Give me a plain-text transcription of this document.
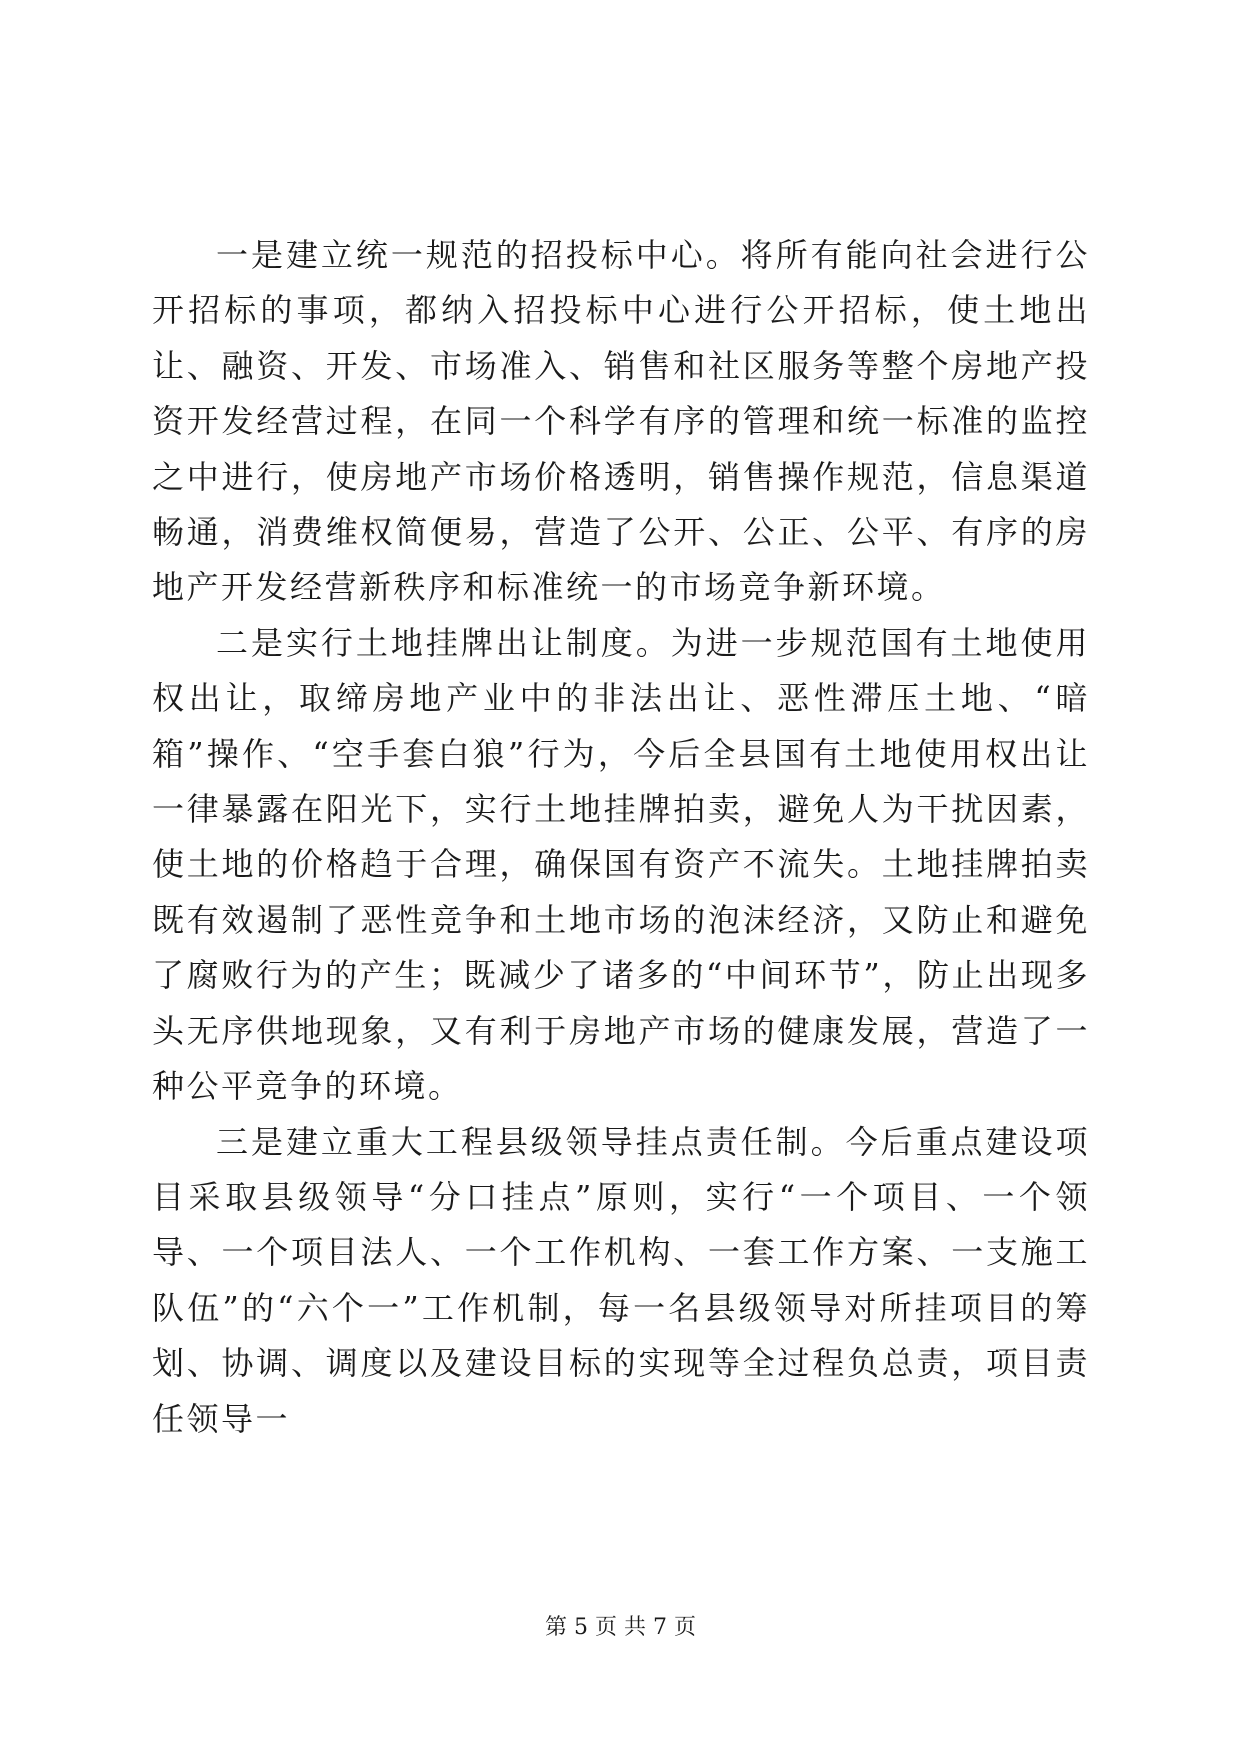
一是建立统一规范的招投标中心。将所有能向社会进行公开招标的事项，都纳入招投标中心进行公开招标，使土地出让、融资、开发、市场准入、销售和社区服务等整个房地产投资开发经营过程，在同一个科学有序的管理和统一标准的监控之中进行，使房地产市场价格透明，销售操作规范，信息渠道畅通，消费维权简便易，营造了公开、公正、公平、有序的房地产开发经营新秩序和标准统一的市场竞争新环境。

二是实行土地挂牌出让制度。为进一步规范国有土地使用权出让，取缔房地产业中的非法出让、恶性滞压土地、“暗箱”操作、“空手套白狼”行为，今后全县国有土地使用权出让一律暴露在阳光下，实行土地挂牌拍卖，避免人为干扰因素，使土地的价格趋于合理，确保国有资产不流失。土地挂牌拍卖既有效遏制了恶性竞争和土地市场的泡沫经济，又防止和避免了腐败行为的产生；既减少了诸多的“中间环节”，防止出现多头无序供地现象，又有利于房地产市场的健康发展，营造了一种公平竞争的环境。

三是建立重大工程县级领导挂点责任制。今后重点建设项目采取县级领导“分口挂点”原则，实行“一个项目、一个领导、一个项目法人、一个工作机构、一套工作方案、一支施工队伍”的“六个一”工作机制，每一名县级领导对所挂项目的筹划、协调、调度以及建设目标的实现等全过程负总责，项目责任领导一

第 5 页 共 7 页
